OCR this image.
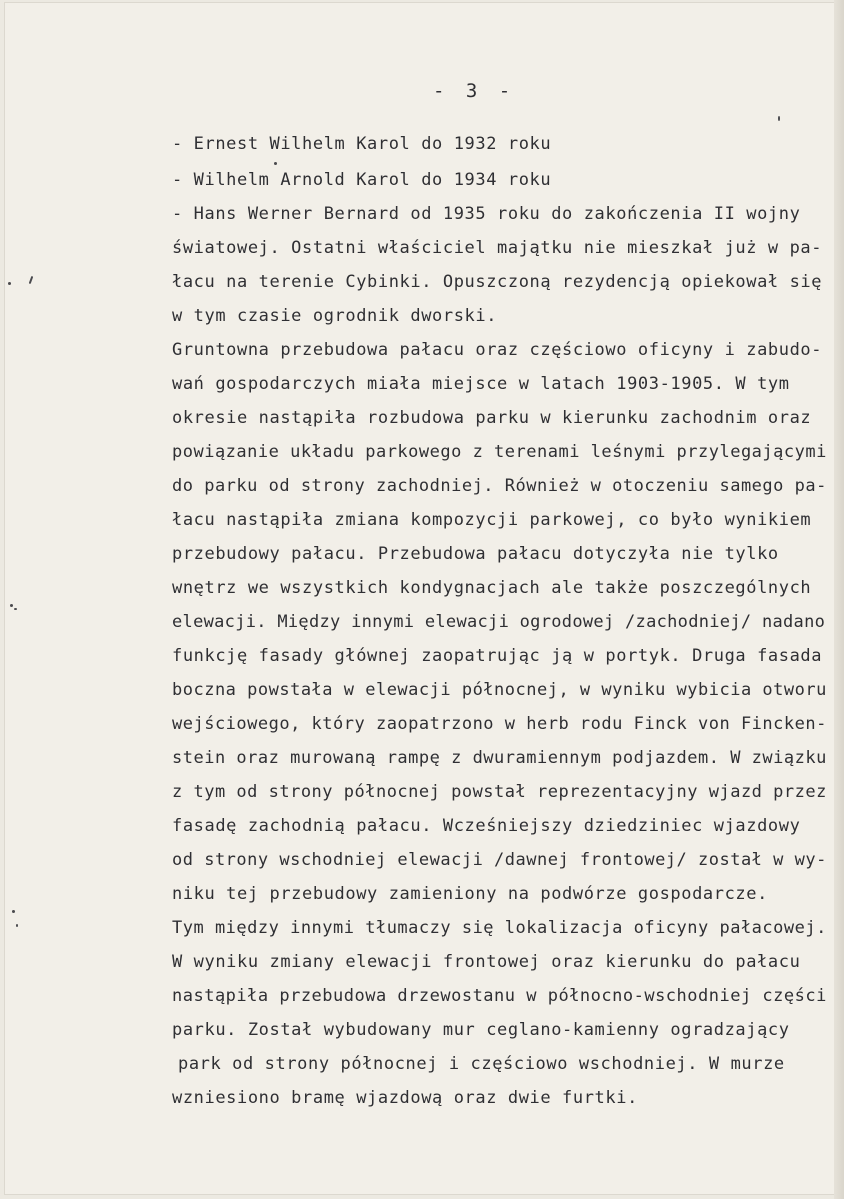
- 3 -
- Ernest Wilhelm Karol do 1932 roku
- Wilhelm Arnold Karol do 1934 roku
- Hans Werner Bernard od 1935 roku do zakończenia II wojny
światowej. Ostatni właściciel majątku nie mieszkał już w pa-
łacu na terenie Cybinki. Opuszczoną rezydencją opiekował się
w tym czasie ogrodnik dworski.
Gruntowna przebudowa pałacu oraz częściowo oficyny i zabudo-
wań gospodarczych miała miejsce w latach 1903-1905. W tym
okresie nastąpiła rozbudowa parku w kierunku zachodnim oraz
powiązanie układu parkowego z terenami leśnymi przylegającymi
do parku od strony zachodniej. Również w otoczeniu samego pa-
łacu nastąpiła zmiana kompozycji parkowej, co było wynikiem
przebudowy pałacu. Przebudowa pałacu dotyczyła nie tylko
wnętrz we wszystkich kondygnacjach ale także poszczególnych
elewacji. Między innymi elewacji ogrodowej /zachodniej/ nadano
funkcję fasady głównej zaopatrując ją w portyk. Druga fasada
boczna powstała w elewacji północnej, w wyniku wybicia otworu
wejściowego, który zaopatrzono w herb rodu Finck von Fincken-
stein oraz murowaną rampę z dwuramiennym podjazdem. W związku
z tym od strony północnej powstał reprezentacyjny wjazd przez
fasadę zachodnią pałacu. Wcześniejszy dziedziniec wjazdowy
od strony wschodniej elewacji /dawnej frontowej/ został w wy-
niku tej przebudowy zamieniony na podwórze gospodarcze.
Tym między innymi tłumaczy się lokalizacja oficyny pałacowej.
W wyniku zmiany elewacji frontowej oraz kierunku do pałacu
nastąpiła przebudowa drzewostanu w północno-wschodniej części
parku. Został wybudowany mur ceglano-kamienny ogradzający
park od strony północnej i częściowo wschodniej. W murze
wzniesiono bramę wjazdową oraz dwie furtki.
